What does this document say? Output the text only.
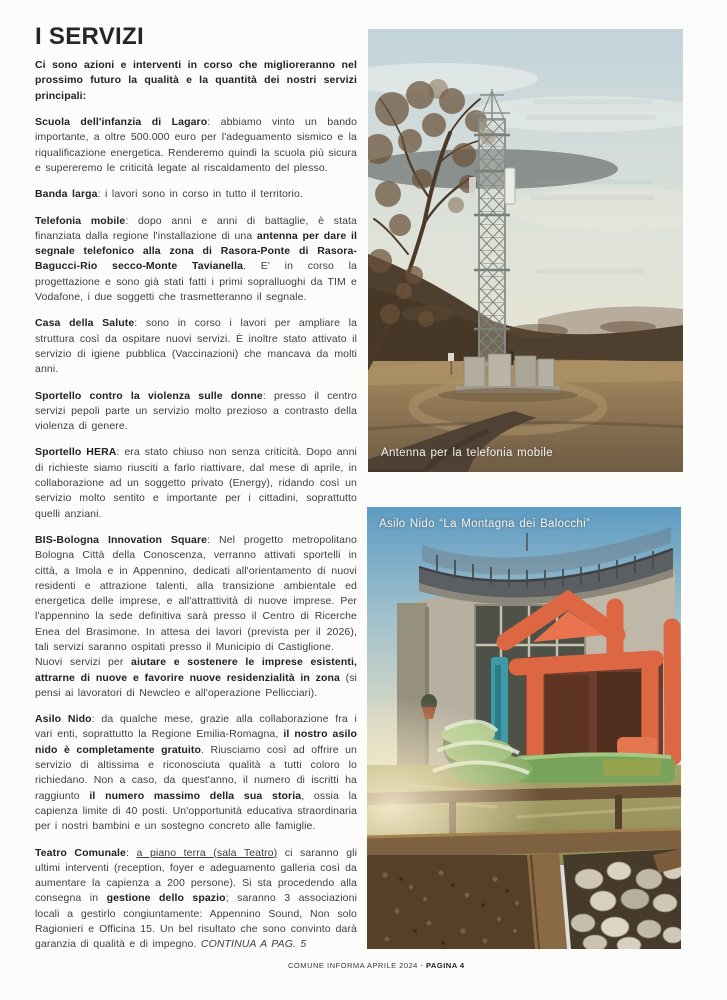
I SERVIZI

Ci sono azioni e interventi in corso che miglioreranno nel prossimo futuro la qualità e la quantità dei nostri servizi principali:

Scuola dell'infanzia di Lagaro: abbiamo vinto un bando importante, a oltre 500.000 euro per l'adeguamento sismico e la riqualificazione energetica. Renderemo quindi la scuola più sicura e supereremo le criticità legate al riscaldamento del plesso.

Banda larga: i lavori sono in corso in tutto il territorio.

Telefonia mobile: dopo anni e anni di battaglie, è stata finanziata dalla regione l'installazione di una antenna per dare il segnale telefonico alla zona di Rasora-Ponte di Rasora-Bagucci-Rio secco-Monte Tavianella. E' in corso la progettazione e sono già stati fatti i primi sopralluoghi da TIM e Vodafone, i due soggetti che trasmetteranno il segnale.

Casa della Salute: sono in corso i lavori per ampliare la struttura così da ospitare nuovi servizi. È inoltre stato attivato il servizio di igiene pubblica (Vaccinazioni) che mancava da molti anni.

Sportello contro la violenza sulle donne: presso il centro servizi pepoli parte un servizio molto prezioso a contrasto della violenza di genere.

Sportello HERA: era stato chiuso non senza criticità. Dopo anni di richieste siamo riusciti a farlo riattivare, dal mese di aprile, in collaborazione ad un soggetto privato (Energy), ridando così un servizio molto sentito e importante per i cittadini, soprattutto quelli anziani.

BIS-Bologna Innovation Square: Nel progetto metropolitano Bologna Città della Conoscenza, verranno attivati sportelli in città, a Imola e in Appennino, dedicati all'orientamento di nuovi residenti e attrazione talenti, alla transizione ambientale ed energetica delle imprese, e all'attrattività di nuove imprese. Per l'appennino la sede definitiva sarà presso il Centro di Ricerche Enea del Brasimone. In attesa dei lavori (prevista per il 2026), tali servizi saranno ospitati presso il Municipio di Castiglione.

Nuovi servizi per aiutare e sostenere le imprese esistenti, attrarne di nuove e favorire nuove residenzialità in zona (si pensi ai lavoratori di Newcleo e all'operazione Pellicciari).

Asilo Nido: da qualche mese, grazie alla collaborazione fra i vari enti, soprattutto la Regione Emilia-Romagna, il nostro asilo nido è completamente gratuito. Riusciamo così ad offrire un servizio di altissima e riconosciuta qualità a tutti coloro lo richiedano. Non a caso, da quest'anno, il numero di iscritti ha raggiunto il numero massimo della sua storia, ossia la capienza limite di 40 posti. Un'opportunità educativa straordinaria per i nostri bambini e un sostegno concreto alle famiglie.

Teatro Comunale: a piano terra (sala Teatro) ci saranno gli ultimi interventi (reception, foyer e adeguamento galleria così da aumentare la capienza a 200 persone). Si sta procedendo alla consegna in gestione dello spazio; saranno 3 associazioni locali a gestirlo congiuntamente: Appennino Sound, Non solo Ragionieri e Officina 15. Un bel risultato che sono convinto darà garanzia di qualità e di impegno. CONTINUA A PAG. 5

Antenna per la telefonia mobile
Asilo Nido “La Montagna dei Balocchi”
COMUNE INFORMA APRILE 2024 - PAGINA 4
